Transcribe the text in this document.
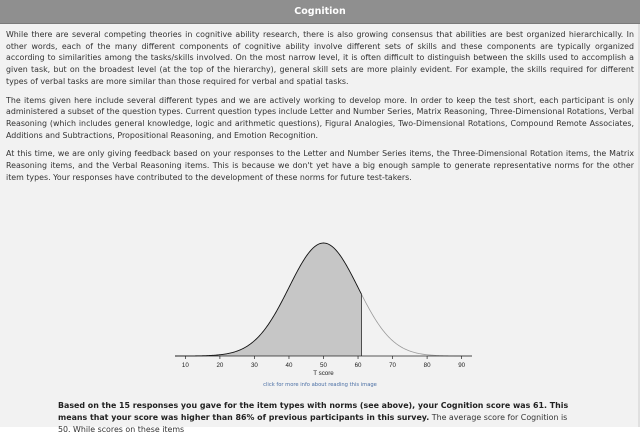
Cognition

While there are several competing theories in cognitive ability research, there is also growing consensus that abilities are best organized hierarchically. In other words, each of the many different components of cognitive ability involve different sets of skills and these components are typically organized according to similarities among the tasks/skills involved. On the most narrow level, it is often difficult to distinguish between the skills used to accomplish a given task, but on the broadest level (at the top of the hierarchy), general skill sets are more plainly evident. For example, the skills required for different types of verbal tasks are more similar than those required for verbal and spatial tasks.

The items given here include several different types and we are actively working to develop more. In order to keep the test short, each participant is only administered a subset of the question types. Current question types include Letter and Number Series, Matrix Reasoning, Three-Dimensional Rotations, Verbal Reasoning (which includes general knowledge, logic and arithmetic questions), Figural Analogies, Two-Dimensional Rotations, Compound Remote Associates, Additions and Subtractions, Propositional Reasoning, and Emotion Recognition.

At this time, we are only giving feedback based on your responses to the Letter and Number Series items, the Three-Dimensional Rotation items, the Matrix Reasoning items, and the Verbal Reasoning items. This is because we don't yet have a big enough sample to generate representative norms for the other item types. Your responses have contributed to the development of these norms for future test-takers.

10	20	30	40	50	60	70	80	90
T score
click for more info about reading this image
Based on the 15 responses you gave for the item types with norms (see above), your Cognition score was 61. This means that your score was higher than 86% of previous participants in this survey. The average score for Cognition is 50. While scores on these items
